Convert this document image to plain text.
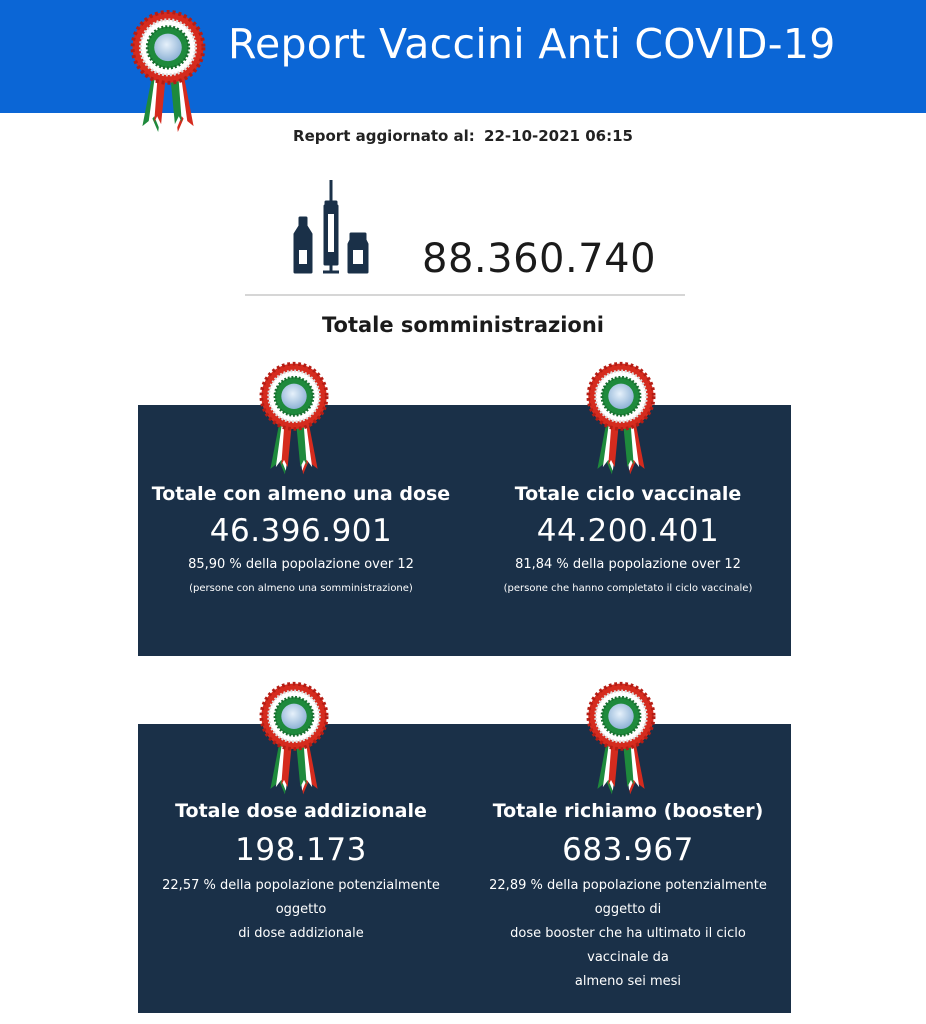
Report Vaccini Anti COVID-19
Report aggiornato al: 22-10-2021 06:15
88.360.740
Totale somministrazioni
Totale con almeno una dose
46.396.901
85,90 % della popolazione over 12
(persone con almeno una somministrazione)
Totale ciclo vaccinale
44.200.401
81,84 % della popolazione over 12
(persone che hanno completato il ciclo vaccinale)
Totale dose addizionale
198.173
22,57 % della popolazione potenzialmente
oggetto
di dose addizionale
Totale richiamo (booster)
683.967
22,89 % della popolazione potenzialmente
oggetto di
dose booster che ha ultimato il ciclo
vaccinale da
almeno sei mesi
